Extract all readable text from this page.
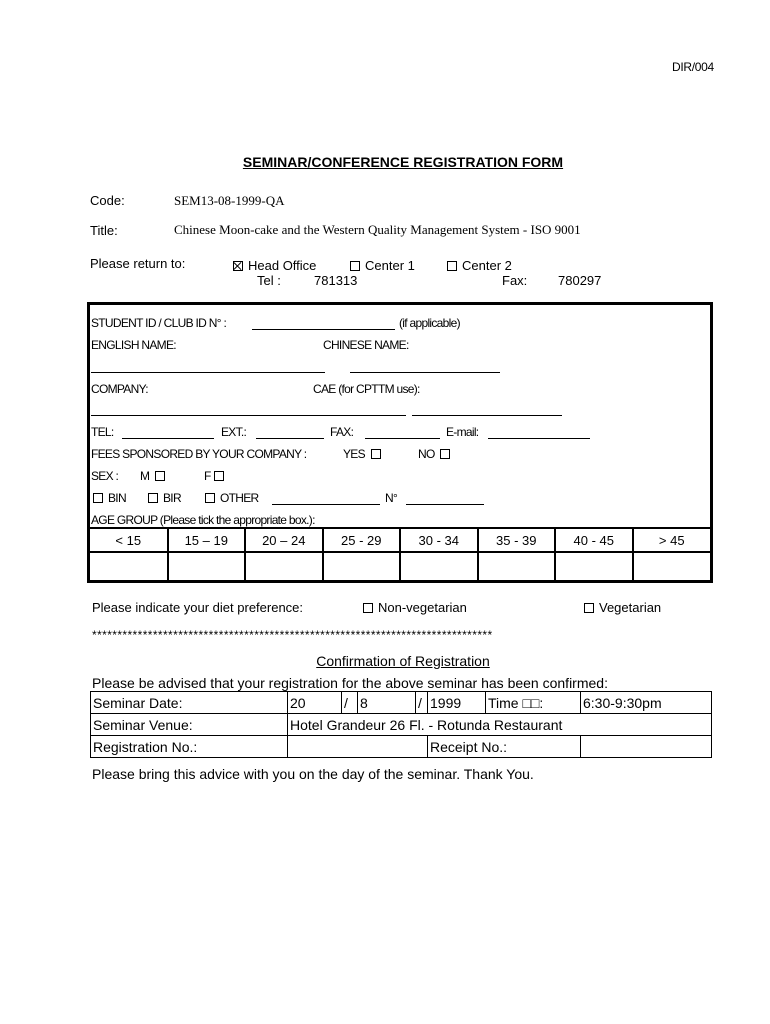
DIR/004
SEMINAR/CONFERENCE REGISTRATION FORM
Code:	SEM13-08-1999-QA
Title:	Chinese Moon-cake and the Western Quality Management System - ISO 9001
Please return to:	Head Office	Center 1	Center 2
Tel :	781313	Fax: 780297
STUDENT ID / CLUB ID N° :	(if applicable)
ENGLISH NAME:	CHINESE NAME:
COMPANY:	CAE (for CPTTM use):
TEL:	EXT.:	FAX:	E-mail:
FEES SPONSORED BY YOUR COMPANY :	YES	NO
SEX : M	F
BIN	BIR	OTHER	N°
AGE GROUP (Please tick the appropriate box.):
< 15	15 – 19	20 – 24	25 - 29	30 - 34	35 - 39	40 - 45	> 45

Please indicate your diet preference:	Non-vegetarian	Vegetarian
*******************************************************************************
Confirmation of Registration
Please be advised that your registration for the above seminar has been confirmed:
Seminar Date:	20	/	8	/	1999	Time □□:	6:30-9:30pm
Seminar Venue:	Hotel Grandeur 26 Fl. - Rotunda Restaurant						
Registration No.:					Receipt No.:		
Please bring this advice with you on the day of the seminar. Thank You.
